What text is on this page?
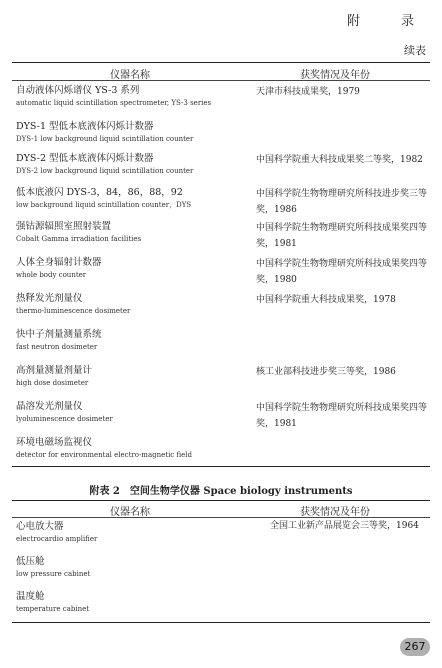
附　录
续表
仪器名称	获奖情况及年份
自动液体闪烁谱仪 YS-3 系列
automatic liquid scintillation spectrometer, YS-3 series
天津市科技成果奖，1979
DYS-1 型低本底液体闪烁计数器
DYS-1 low background liquid scintillation counter
DYS-2 型低本底液体闪烁计数器
DYS-2 low background liquid scintillation counter
中国科学院重大科技成果奖二等奖，1982
低本底液闪 DYS-3，84，86，88，92
low background liquid scintillation counter，DYS
中国科学院生物物理研究所科技进步奖三等奖，1986
强钴源辐照室照射装置
Cobalt Gamma irradiation facilities
中国科学院生物物理研究所科技成果奖四等奖，1981
人体全身辐射计数器
whole body counter
中国科学院生物物理研究所科技成果奖四等奖，1980
热释发光剂量仪
thermo-luminescence dosimeter
中国科学院重大科技成果奖，1978
快中子剂量测量系统
fast neutron dosimeter
高剂量测量剂量计
high dose dosimeter
核工业部科技进步奖三等奖，1986
晶溶发光剂量仪
lyoluminescence dosimeter
中国科学院生物物理研究所科技成果奖四等奖，1981
环境电磁场监视仪
detector for environmental electro-magnetic field
附表 2　空间生物学仪器 Space biology instruments
仪器名称	获奖情况及年份
心电放大器
electrocardio amplifier
全国工业新产品展览会三等奖，1964
低压舱
low pressure cabinet
温度舱
temperature cabinet
267
